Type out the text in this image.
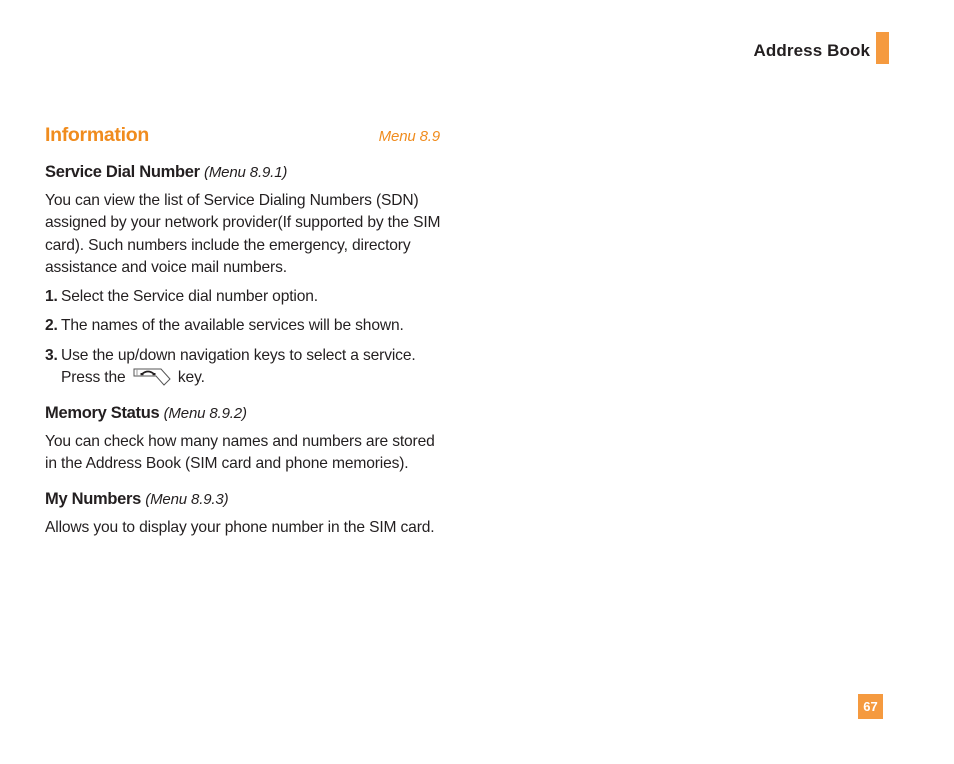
Address Book
Information	Menu 8.9
Service Dial Number (Menu 8.9.1)

You can view the list of Service Dialing Numbers (SDN) assigned by your network provider(If supported by the SIM card). Such numbers include the emergency, directory assistance and voice mail numbers.

1. Select the Service dial number option.
2. The names of the available services will be shown.
3. Use the up/down navigation keys to select a service. Press the	key.
Memory Status (Menu 8.9.2)

You can check how many names and numbers are stored in the Address Book (SIM card and phone memories).

My Numbers (Menu 8.9.3)

Allows you to display your phone number in the SIM card.

67
